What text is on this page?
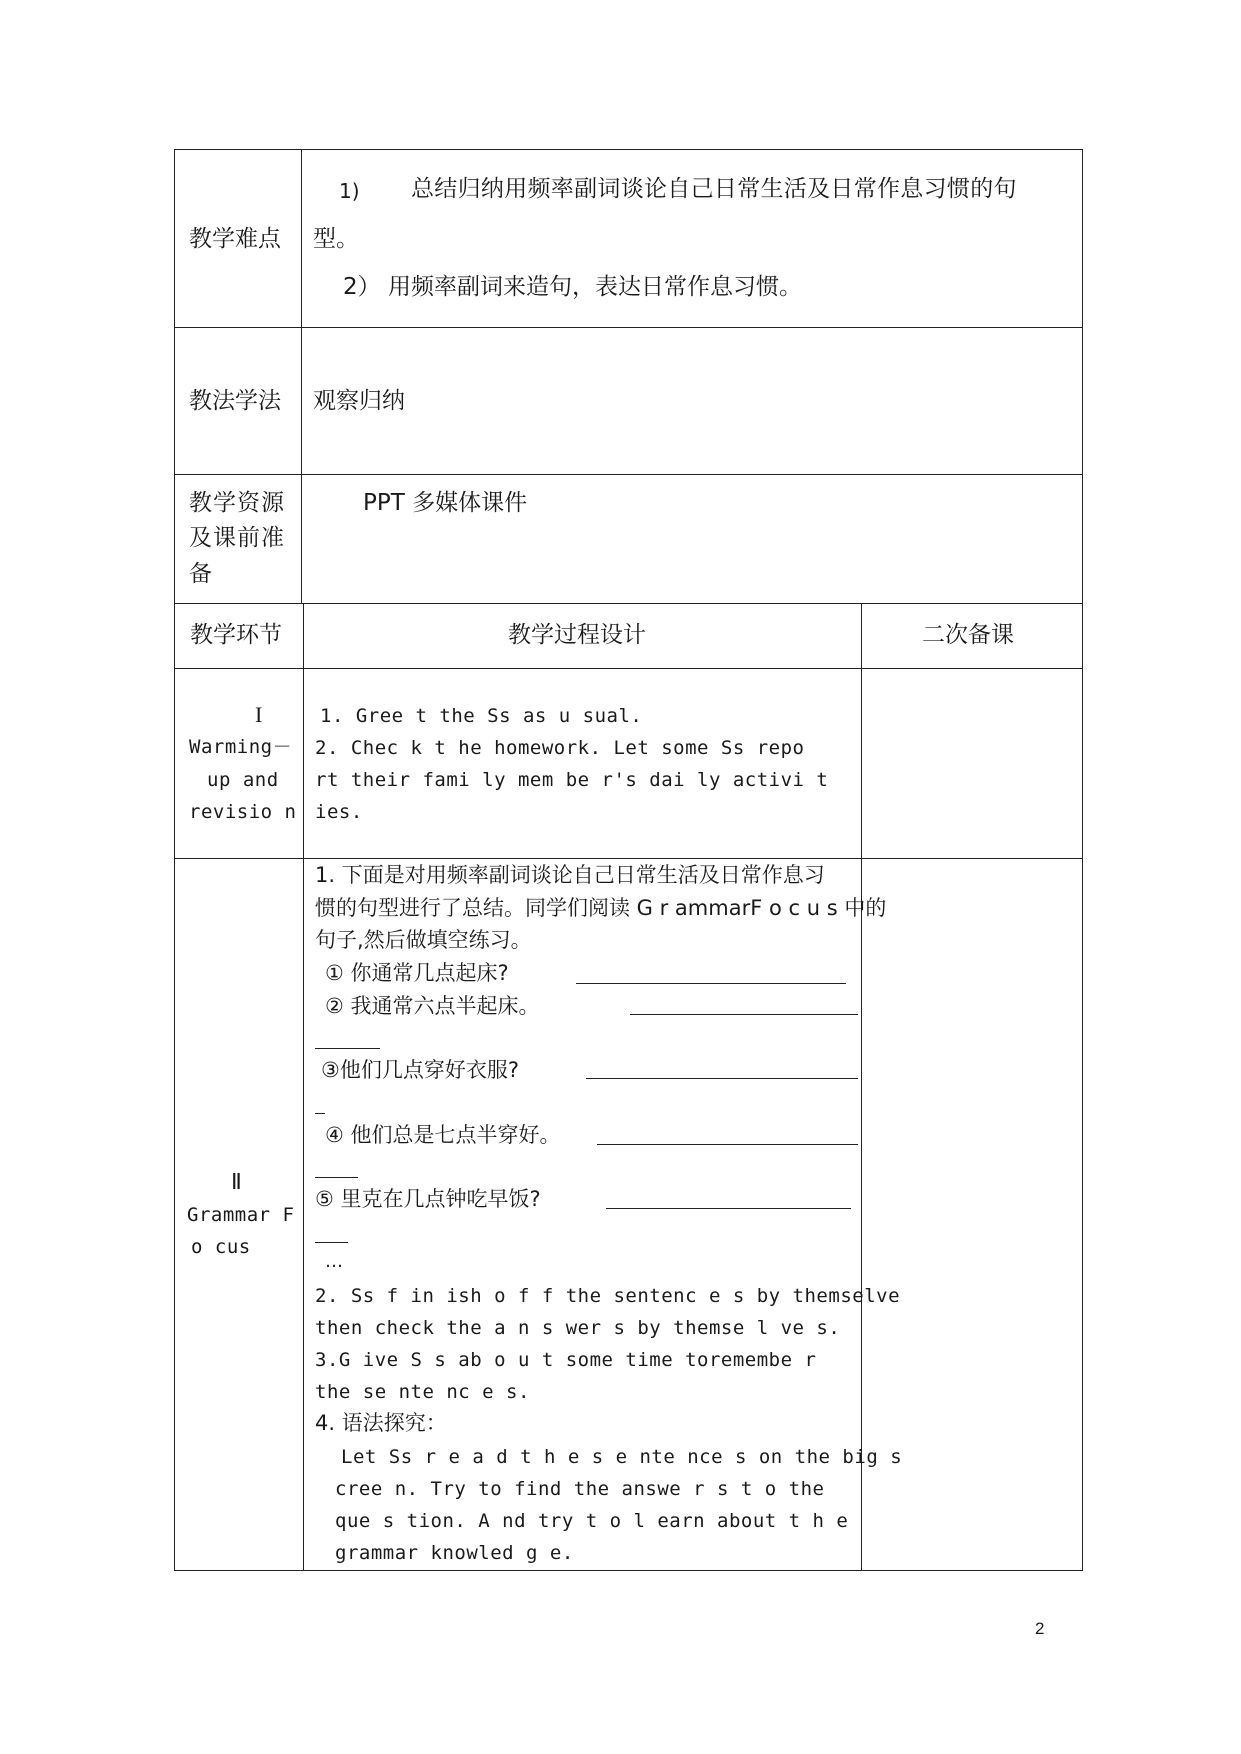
教学难点
1) 总结归纳用频率副词谈论自己日常生活及日常作息习惯的句
型。
2） 用频率副词来造句，表达日常作息习惯。
教法学法 观察归纳
教学资源
及课前准
备
PPT 多媒体课件
教学环节	教学过程设计	二次备课
I
Warming－
up and
revisio n
1. Gree t the Ss as u sual.
2. Chec k t he homework. Let some Ss repo
rt their fami ly mem be r's dai ly activi t
ies.
Ⅱ
Grammar F
o cus
1. 下面是对用频率副词谈论自己日常生活及日常作息习
惯的句型进行了总结。同学们阅读 G r ammarF o c u s 中的
句子,然后做填空练习。
① 你通常几点起床?
② 我通常六点半起床。
③他们几点穿好衣服?
④ 他们总是七点半穿好。
⑤ 里克在几点钟吃早饭?
…
2. Ss f in ish o f f the sentenc e s by themselve
then check the a n s wer s by themse l ve s.
3.G ive S s ab o u t some time toremembe r
the se nte nc e s.
4. 语法探究：
Let Ss r e a d t h e s e nte nce s on the big s
cree n. Try to find the answe r s t o the
que s tion. A nd try t o l earn about t h e
grammar knowled g e.
2
